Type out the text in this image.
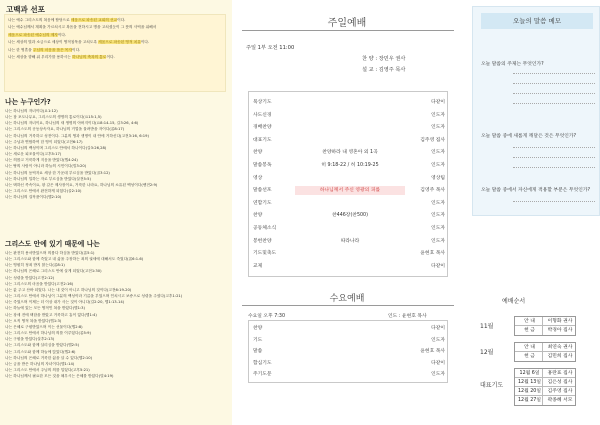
고백과 선포
나는 예수 그리스도의 복음에 합당으로 세움으로 파송된 교회의 선교이다.
나는 예수님께서 계획을 가르치시고 복음을 전하시고 병을 고치셨듯이 그 뜻의 사역을 위해서
세움으로 파송된 예수님의 제자이다.
나는 세상의 빛과 소금으로 세상이 영적침묵을 고치도록 세움으로 파송된 영적 치유이다.
나는 한 영혼을 주님의 마음을 품은 목자이다.
나는 세상을 향해 위 우리가를 용하시는 하나님의 축복의 통로이다.
나는 누구인가?
나는 하나님의 자녀이다(요1:12)
나는 참 포도나무요, 그리스도의 생명의 통로이다(요15:1,5)
나는 하나님의 자녀이요, 하나님의 새 생명의 아버지이다(요8:14-15, 갈3:26, 4:6)
나는 그리스도의 공동상속자요, 하나님의 거업을 물려받을 자이다(롬8:17)
나는 하나님의 거룩하고 성전이다. 그분의 영과 생명이 내 안에 거하신다(고전3:16, 6:19)
나는 주님과 연합하여 한 영이 되었다(고전6:17)
나는 하나님의 백성이며 그리스도 안에서 하나이다(갈3:26,28)
나는 새로운 피조물이다(고후5:17)
나는 의롭고 거룩하게 지음을 받았다(엡4:24)
나는 땅의 사람이 아니라 하늘의 시민이다(빌3:20)
나는 하나님의 동역자요 세상 한 가운데 부르심을 받았다(골3:12)
나는 하나님의 일하는 자로 부르심을 받았다(살전5:5)
나는 택하신 족속이요, 왕 같은 제사장이요, 거룩한 나라요, 하나님의 소유된 백성이다(벧전2:9)
나는 그리스도 안에서 완전하게 되었다(골2:10)
나는 하나님의 걸작품이다(엡2:10)
그리스도 안에 있기 때문에 나는
나는 완전히 용서받았으며 의롭다 하심을 받았다(롬5:1)
나는 그리스도와 함께 죽었고 내 삶을 주장하는 죄의 권세에 대해서도 죽었다(롬6:1-6)
나는 영원히 정죄 받지 않는다(롬8:1)
나는 하나님의 은혜로 그리스도 안에 살게 되었다(고전1:30)
나는 성령을 받았다(고전2:12)
나는 그리스도의 마음을 받았다(고전2:16)
나는 값 주고 산바 되었다. 나는 내 것이 아니고 하나님의 것이다(고전6:19-20)
나는 그리스도 안에서 하나님이 그분의 백성이라 기름을 부었으며 인치시고 보증으로 성령을 주셨다(고후1:21)
나는 죽었으며 이제는 더 이상 내가 사는 것이 아니다(갈2:20, 엡1:13-14)
나는 하늘에 있는 모든 영적인 복을 받았다(엡1:3)
나는 창세 전에 택함을 받았고 거룩하고 흠이 없다(엡1:4)
나는 오직 영적 복을 받았다(엡1:3)
나는 은혜로 구원받았으며 이는 선물이다(엡2:8)
나는 그리스도 안에서 하나님의 의를 이루었다(롬5:9)
나는 구원을 받았다(살후2:13)
나는 그리스도와 함께 살리심을 받았다(엡2:5)
나는 그리스도와 함께 하늘에 앉았다(엡2:6)
나는 하나님의 은혜로 거룩한 삶을 살 수 있다(엡2:10)
나는 금을 받은 하나님의 자녀이다(엡1:14)
나는 그리스도 안에서 주님의 의를 입었다(고후5:21)
나는 하나님께서 필요한 모든 것을 채우시는 은혜를 받았다(빌4:19)
주일예배
주일 1부 오전 11:00
찬 양 : 장민우 권사
설 교 : 김영주 목사
묵상기도	다같이
사도신경	인도자
경배찬양	인도자
대표기도	김주영 집사
찬양	찬양하라 내 영혼아 외 1곡	인도자
말씀봉독	히 9:18-22 / 히 10:19-25	인도자
영상	영상팀
말씀선포	하나님께서 주신 영광의 피를	김영주 목사
연합기도	인도자
찬양	찬446장(찬500)	인도자
공동체소식	인도자
봉헌찬양	따라나라	인도자
기도및축도	윤현호 목사
교제	다같이
수요예배
수요일 오후 7:30	인도 : 윤현호 목사
찬양	다같이
기도	인도자
말씀	윤현호 목사
합심기도	다같이
주기도문	인도자
오늘의 말씀 메모
오늘 말씀의 주제는 무엇인가?
오늘 말씀 중에 새롭게 깨달은 것은 무엇인가?
오늘 말씀 중에서 자신에게 적용할 부분은 무엇인가?
예배순서
11월
안 내	이형화 권사
헌 금	박경아 집사
12월
안 내	최연숙 권사
헌 금	김민희 집사
대표기도
12월 6일	홍란표 집사
12월 13일	김은성 집사
12월 20일	김주영 집사
12월 27일	곽종혜 서모
